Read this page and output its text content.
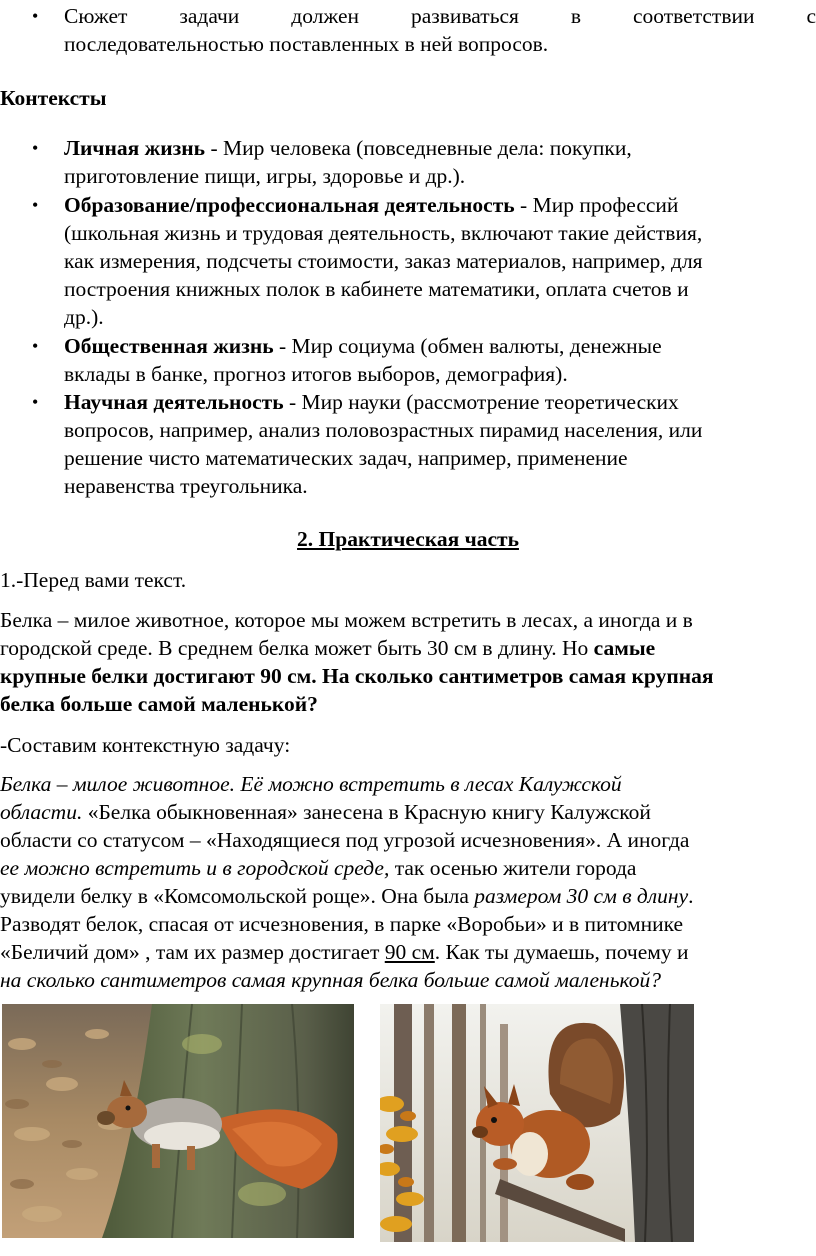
• Сюжет задачи должен развиваться в соответствии с
последовательностью поставленных в ней вопросов.
Контексты
• Личная жизнь - Мир человека (повседневные дела: покупки,
приготовление пищи, игры, здоровье и др.).
• Образование/профессиональная деятельность - Мир профессий
(школьная жизнь и трудовая деятельность, включают такие действия,
как измерения, подсчеты стоимости, заказ материалов, например, для
построения книжных полок в кабинете математики, оплата счетов и
др.).
• Общественная жизнь - Мир социума (обмен валюты, денежные
вклады в банке, прогноз итогов выборов, демография).
• Научная деятельность - Мир науки (рассмотрение теоретических
вопросов, например, анализ половозрастных пирамид населения, или
решение чисто математических задач, например, применение
неравенства треугольника.
2. Практическая часть
1.-Перед вами текст.
Белка – милое животное, которое мы можем встретить в лесах, а иногда и в
городской среде. В среднем белка может быть 30 см в длину. Но самые
крупные белки достигают 90 см. На сколько сантиметров самая крупная
белка больше самой маленькой?
-Составим контекстную задачу:
Белка – милое животное. Её можно встретить в лесах Калужской
области. «Белка обыкновенная» занесена в Красную книгу Калужской
области со статусом – «Находящиеся под угрозой исчезновения». А иногда
ее можно встретить и в городской среде, так осенью жители города
увидели белку в «Комсомольской роще». Она была размером 30 см в длину.
Разводят белок, спасая от исчезновения, в парке «Воробьи» и в питомнике
«Беличий дом» , там их размер достигает 90 см. Как ты думаешь, почему и
на сколько сантиметров самая крупная белка больше самой маленькой?
